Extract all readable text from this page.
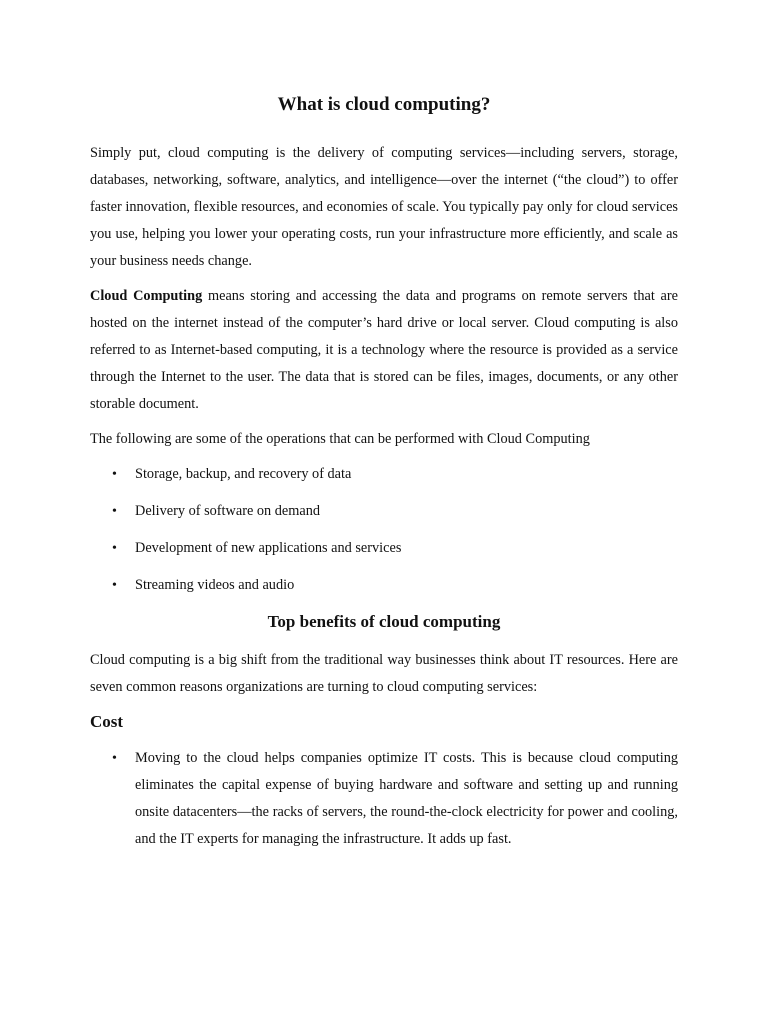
What is cloud computing?

Simply put, cloud computing is the delivery of computing services—including servers, storage, databases, networking, software, analytics, and intelligence—over the internet (“the cloud”) to offer faster innovation, flexible resources, and economies of scale. You typically pay only for cloud services you use, helping you lower your operating costs, run your infrastructure more efficiently, and scale as your business needs change.

Cloud Computing means storing and accessing the data and programs on remote servers that are hosted on the internet instead of the computer’s hard drive or local server. Cloud computing is also referred to as Internet-based computing, it is a technology where the resource is provided as a service through the Internet to the user. The data that is stored can be files, images, documents, or any other storable document.

The following are some of the operations that can be performed with Cloud Computing

• Storage, backup, and recovery of data
• Delivery of software on demand
• Development of new applications and services
• Streaming videos and audio
Top benefits of cloud computing

Cloud computing is a big shift from the traditional way businesses think about IT resources. Here are seven common reasons organizations are turning to cloud computing services:

Cost
• Moving to the cloud helps companies optimize IT costs. This is because cloud computing eliminates the capital expense of buying hardware and software and setting up and running onsite datacenters—the racks of servers, the round-the-clock electricity for power and cooling, and the IT experts for managing the infrastructure. It adds up fast.
